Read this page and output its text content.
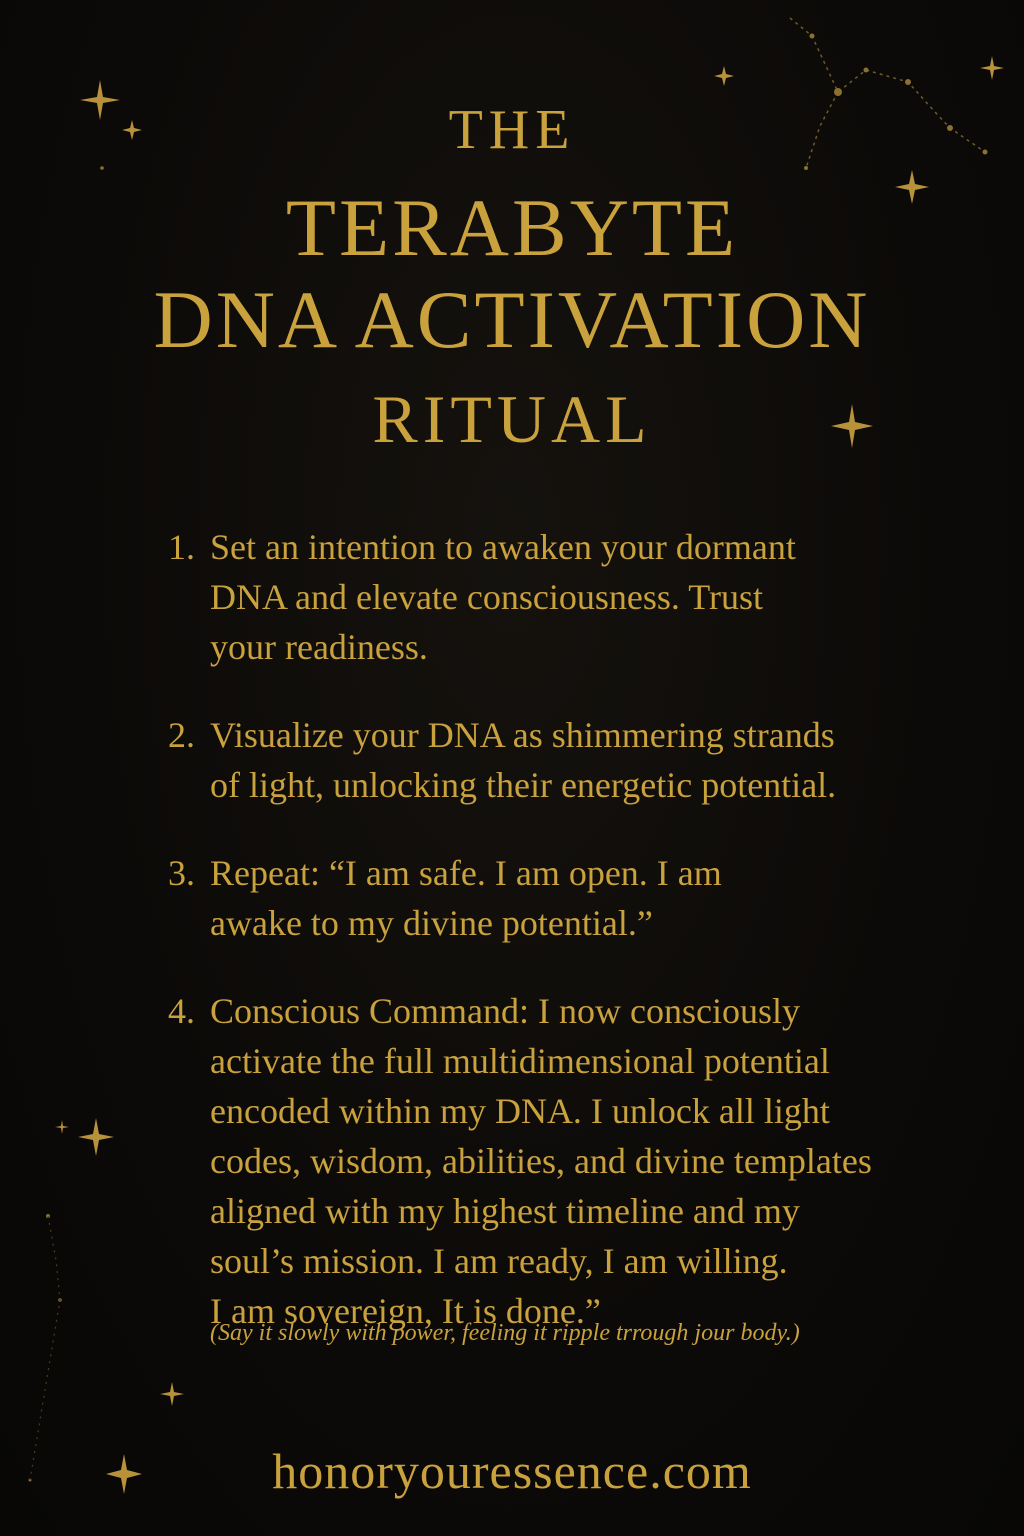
THE
TERABYTE
DNA ACTIVATION
RITUAL
1. Set an intention to awaken your dormant
DNA and elevate consciousness. Trust
your readiness.
2. Visualize your DNA as shimmering strands
of light, unlocking their energetic potential.
3. Repeat: “I am safe. I am open. I am
awake to my divine potential.”
4. Conscious Command: I now consciously
activate the full multidimensional potential
encoded within my DNA. I unlock all light
codes, wisdom, abilities, and divine templates
aligned with my highest timeline and my
soul’s mission. I am ready, I am willing.
I am sovereign, It is done.”
(Say it slowly with power, feeling it ripple trrough jour body.)
honoryouressence.com
